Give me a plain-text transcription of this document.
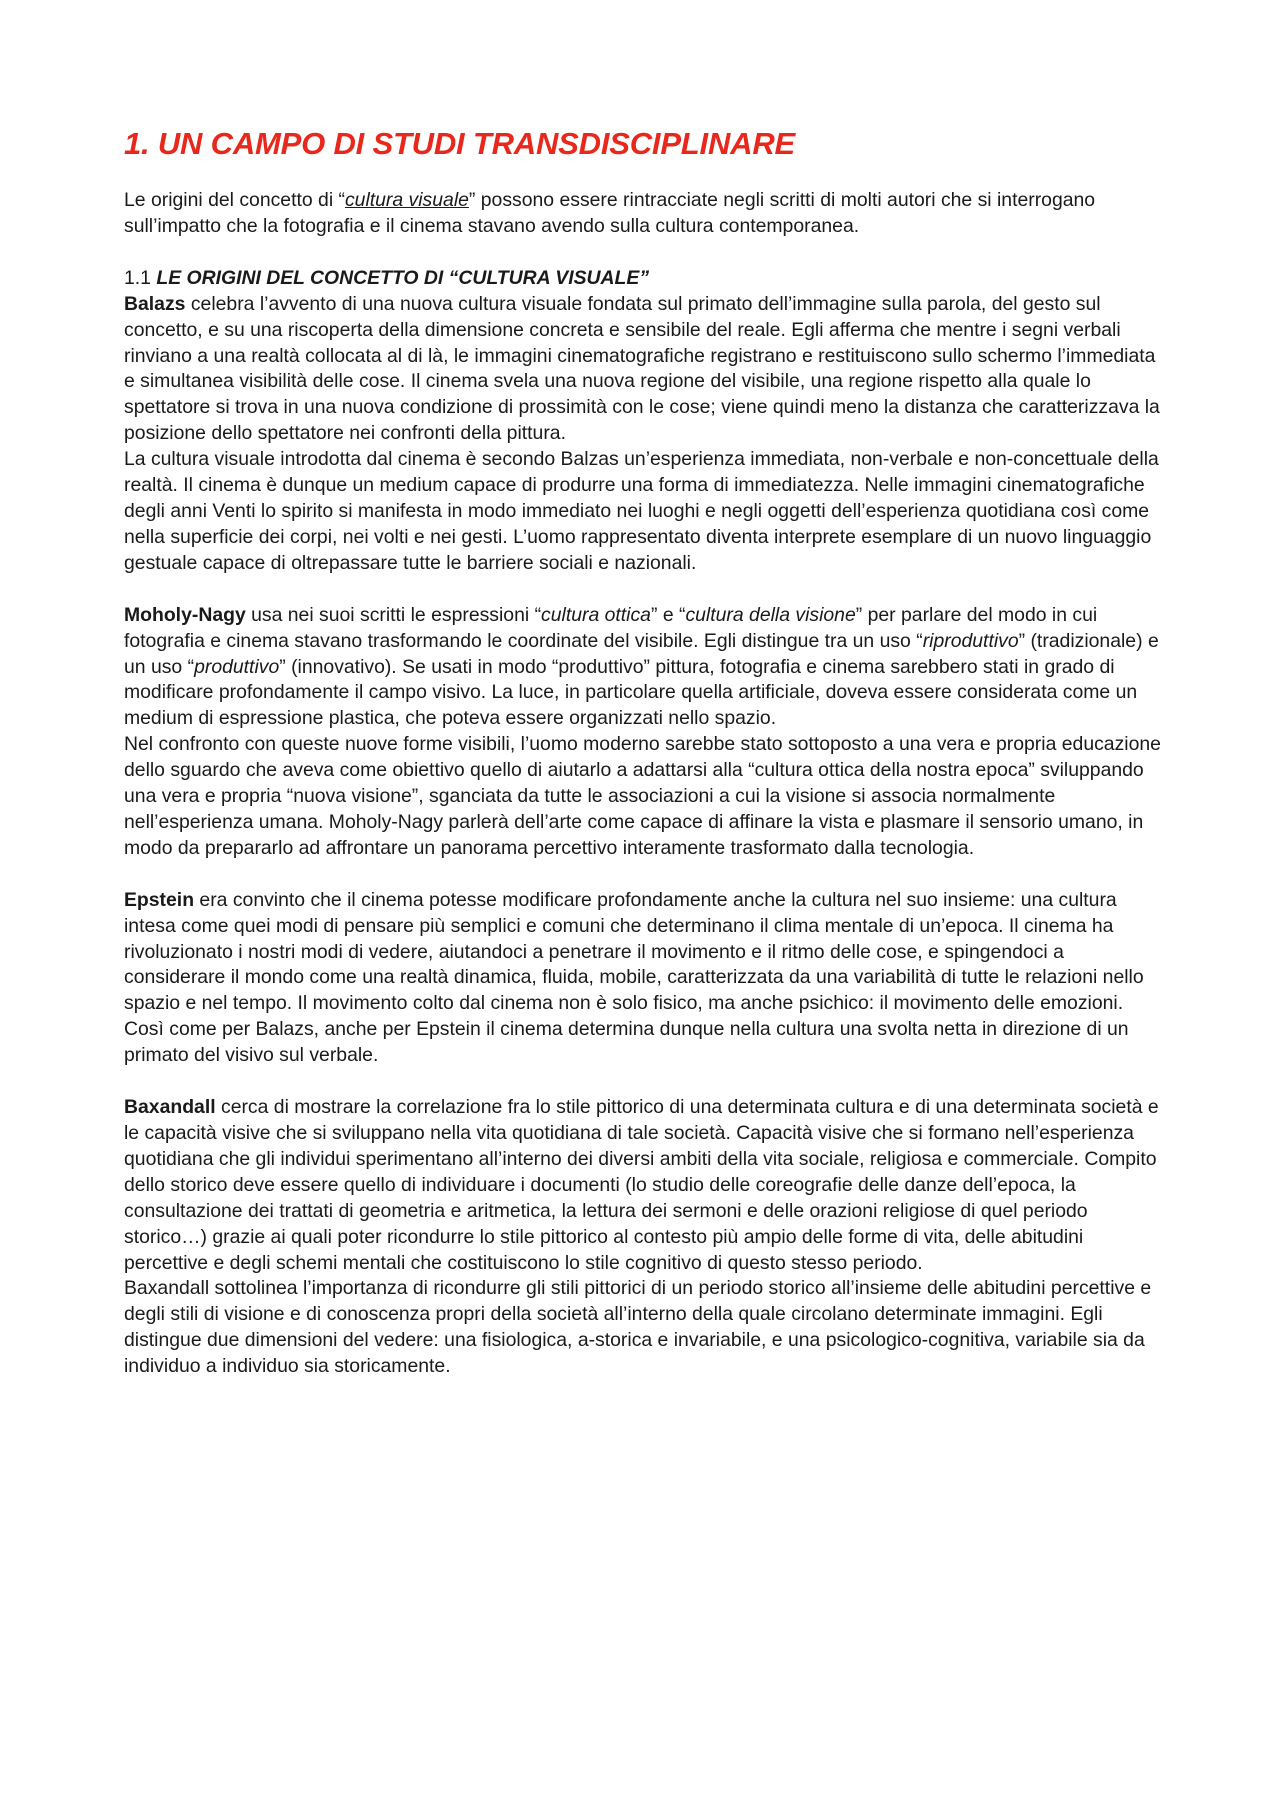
1. UN CAMPO DI STUDI TRANSDISCIPLINARE

Le origini del concetto di “cultura visuale” possono essere rintracciate negli scritti di molti autori che si interrogano sull’impatto che la fotografia e il cinema stavano avendo sulla cultura contemporanea.

1.1 LE ORIGINI DEL CONCETTO DI “CULTURA VISUALE”

Balazs celebra l’avvento di una nuova cultura visuale fondata sul primato dell’immagine sulla parola, del gesto sul concetto, e su una riscoperta della dimensione concreta e sensibile del reale. Egli afferma che mentre i segni verbali rinviano a una realtà collocata al di là, le immagini cinematografiche registrano e restituiscono sullo schermo l’immediata e simultanea visibilità delle cose. Il cinema svela una nuova regione del visibile, una regione rispetto alla quale lo spettatore si trova in una nuova condizione di prossimità con le cose; viene quindi meno la distanza che caratterizzava la posizione dello spettatore nei confronti della pittura.

La cultura visuale introdotta dal cinema è secondo Balzas un’esperienza immediata, non-verbale e non-concettuale della realtà. Il cinema è dunque un medium capace di produrre una forma di immediatezza. Nelle immagini cinematografiche degli anni Venti lo spirito si manifesta in modo immediato nei luoghi e negli oggetti dell’esperienza quotidiana così come nella superficie dei corpi, nei volti e nei gesti. L’uomo rappresentato diventa interprete esemplare di un nuovo linguaggio gestuale capace di oltrepassare tutte le barriere sociali e nazionali.

Moholy-Nagy usa nei suoi scritti le espressioni “cultura ottica” e “cultura della visione” per parlare del modo in cui fotografia e cinema stavano trasformando le coordinate del visibile. Egli distingue tra un uso “riproduttivo” (tradizionale) e un uso “produttivo” (innovativo). Se usati in modo “produttivo” pittura, fotografia e cinema sarebbero stati in grado di modificare profondamente il campo visivo. La luce, in particolare quella artificiale, doveva essere considerata come un medium di espressione plastica, che poteva essere organizzati nello spazio.

Nel confronto con queste nuove forme visibili, l’uomo moderno sarebbe stato sottoposto a una vera e propria educazione dello sguardo che aveva come obiettivo quello di aiutarlo a adattarsi alla “cultura ottica della nostra epoca” sviluppando una vera e propria “nuova visione”, sganciata da tutte le associazioni a cui la visione si associa normalmente nell’esperienza umana. Moholy-Nagy parlerà dell’arte come capace di affinare la vista e plasmare il sensorio umano, in modo da prepararlo ad affrontare un panorama percettivo interamente trasformato dalla tecnologia.

Epstein era convinto che il cinema potesse modificare profondamente anche la cultura nel suo insieme: una cultura intesa come quei modi di pensare più semplici e comuni che determinano il clima mentale di un’epoca. Il cinema ha rivoluzionato i nostri modi di vedere, aiutandoci a penetrare il movimento e il ritmo delle cose, e spingendoci a considerare il mondo come una realtà dinamica, fluida, mobile, caratterizzata da una variabilità di tutte le relazioni nello spazio e nel tempo. Il movimento colto dal cinema non è solo fisico, ma anche psichico: il movimento delle emozioni.

Così come per Balazs, anche per Epstein il cinema determina dunque nella cultura una svolta netta in direzione di un primato del visivo sul verbale.

Baxandall cerca di mostrare la correlazione fra lo stile pittorico di una determinata cultura e di una determinata società e le capacità visive che si sviluppano nella vita quotidiana di tale società. Capacità visive che si formano nell’esperienza quotidiana che gli individui sperimentano all’interno dei diversi ambiti della vita sociale, religiosa e commerciale. Compito dello storico deve essere quello di individuare i documenti (lo studio delle coreografie delle danze dell’epoca, la consultazione dei trattati di geometria e aritmetica, la lettura dei sermoni e delle orazioni religiose di quel periodo storico…) grazie ai quali poter ricondurre lo stile pittorico al contesto più ampio delle forme di vita, delle abitudini percettive e degli schemi mentali che costituiscono lo stile cognitivo di questo stesso periodo.

Baxandall sottolinea l’importanza di ricondurre gli stili pittorici di un periodo storico all’insieme delle abitudini percettive e degli stili di visione e di conoscenza propri della società all’interno della quale circolano determinate immagini. Egli distingue due dimensioni del vedere: una fisiologica, a-storica e invariabile, e una psicologico-cognitiva, variabile sia da individuo a individuo sia storicamente.
